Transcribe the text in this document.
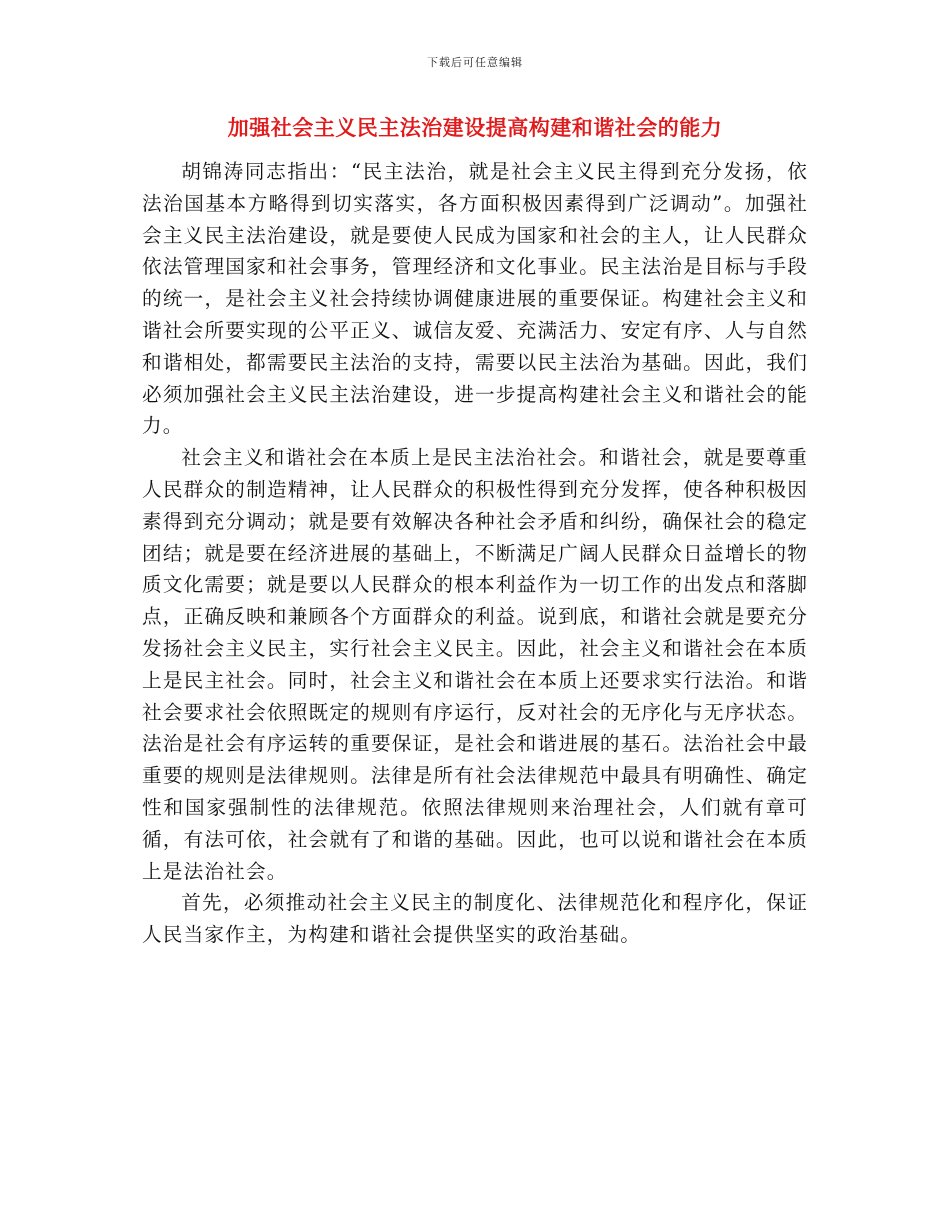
下载后可任意编辑
加强社会主义民主法治建设提高构建和谐社会的能力

胡锦涛同志指出：“民主法治，就是社会主义民主得到充分发扬，依法治国基本方略得到切实落实，各方面积极因素得到广泛调动”。加强社会主义民主法治建设，就是要使人民成为国家和社会的主人，让人民群众依法管理国家和社会事务，管理经济和文化事业。民主法治是目标与手段的统一，是社会主义社会持续协调健康进展的重要保证。构建社会主义和谐社会所要实现的公平正义、诚信友爱、充满活力、安定有序、人与自然和谐相处，都需要民主法治的支持，需要以民主法治为基础。因此，我们必须加强社会主义民主法治建设，进一步提高构建社会主义和谐社会的能力。

社会主义和谐社会在本质上是民主法治社会。和谐社会，就是要尊重人民群众的制造精神，让人民群众的积极性得到充分发挥，使各种积极因素得到充分调动；就是要有效解决各种社会矛盾和纠纷，确保社会的稳定团结；就是要在经济进展的基础上，不断满足广阔人民群众日益增长的物质文化需要；就是要以人民群众的根本利益作为一切工作的出发点和落脚点，正确反映和兼顾各个方面群众的利益。说到底，和谐社会就是要充分发扬社会主义民主，实行社会主义民主。因此，社会主义和谐社会在本质上是民主社会。同时，社会主义和谐社会在本质上还要求实行法治。和谐社会要求社会依照既定的规则有序运行，反对社会的无序化与无序状态。法治是社会有序运转的重要保证，是社会和谐进展的基石。法治社会中最重要的规则是法律规则。法律是所有社会法律规范中最具有明确性、确定性和国家强制性的法律规范。依照法律规则来治理社会，人们就有章可循，有法可依，社会就有了和谐的基础。因此，也可以说和谐社会在本质上是法治社会。

首先，必须推动社会主义民主的制度化、法律规范化和程序化，保证人民当家作主，为构建和谐社会提供坚实的政治基础。
